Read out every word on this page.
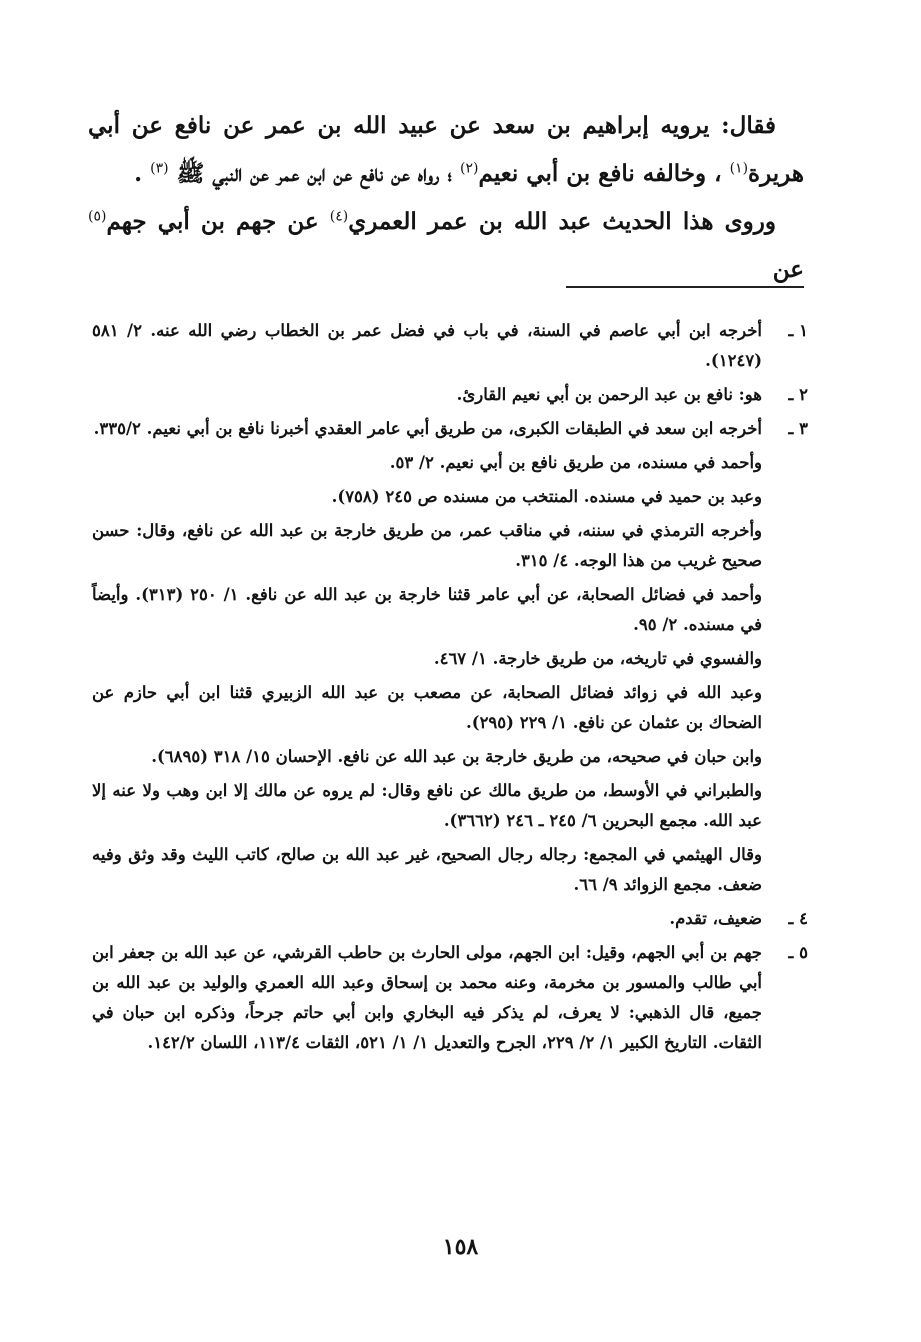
فقال: يرويه إبراهيم بن سعد عن عبيد الله بن عمر عن نافع عن أبي هريرة$^{(١)}$ ، وخالفه نافع بن أبي نعيم$^{(٢)}$ ؛ رواه عن نافع عن ابن عمر عن النبي ﷺ $^{(٣)}$ .

وروى هذا الحديث عبد الله بن عمر العمري$^{(٤)}$ عن جهم بن أبي جهم$^{(٥)}$ عن

١ ـ
أخرجه ابن أبي عاصم في السنة، في باب في فضل عمر بن الخطاب رضي الله عنه. ٢/ ٥٨١ (١٢٤٧).
٢ ـ
هو: نافع بن عبد الرحمن بن أبي نعيم القارئ.
٣ ـ
أخرجه ابن سعد في الطبقات الكبرى، من طريق أبي عامر العقدي أخبرنا نافع بن أبي نعيم. ٣٣٥/٢.
وأحمد في مسنده، من طريق نافع بن أبي نعيم. ٢/ ٥٣.
وعبد بن حميد في مسنده. المنتخب من مسنده ص ٢٤٥ (٧٥٨).
وأخرجه الترمذي في سننه، في مناقب عمر، من طريق خارجة بن عبد الله عن نافع، وقال: حسن صحيح غريب من هذا الوجه. ٤/ ٣١٥.
وأحمد في فضائل الصحابة، عن أبي عامر قثنا خارجة بن عبد الله عن نافع. ١/ ٢٥٠ (٣١٣). وأيضاً في مسنده. ٢/ ٩٥.
والفسوي في تاريخه، من طريق خارجة. ١/ ٤٦٧.
وعبد الله في زوائد فضائل الصحابة، عن مصعب بن عبد الله الزبيري قثنا ابن أبي حازم عن الضحاك بن عثمان عن نافع. ١/ ٢٢٩ (٢٩٥).
وابن حبان في صحيحه، من طريق خارجة بن عبد الله عن نافع. الإحسان ١٥/ ٣١٨ (٦٨٩٥).
والطبراني في الأوسط، من طريق مالك عن نافع وقال: لم يروه عن مالك إلا ابن وهب ولا عنه إلا عبد الله. مجمع البحرين ٦/ ٢٤٥ ـ ٢٤٦ (٣٦٦٢).
وقال الهيثمي في المجمع: رجاله رجال الصحيح، غير عبد الله بن صالح، كاتب الليث وقد وثق وفيه ضعف. مجمع الزوائد ٩/ ٦٦.
٤ ـ
ضعيف، تقدم.
٥ ـ
جهم بن أبي الجهم، وقيل: ابن الجهم، مولى الحارث بن حاطب القرشي، عن عبد الله بن جعفر ابن أبي طالب والمسور بن مخرمة، وعنه محمد بن إسحاق وعبد الله العمري والوليد بن عبد الله بن جميع، قال الذهبي: لا يعرف، لم يذكر فيه البخاري وابن أبي حاتم جرحاً، وذكره ابن حبان في الثقات. التاريخ الكبير ١/ ٢/ ٢٢٩، الجرح والتعديل ١/ ١/ ٥٢١، الثقات ١١٣/٤، اللسان ١٤٢/٢.
١٥٨
